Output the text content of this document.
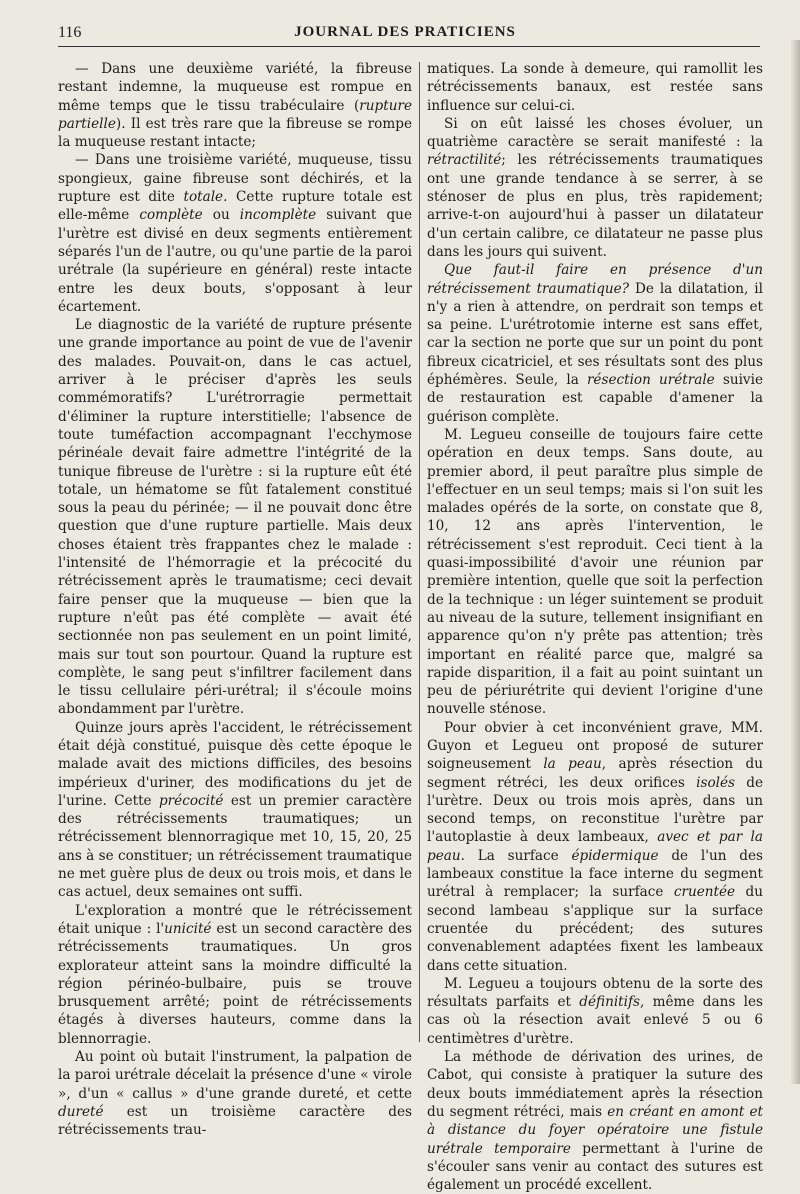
116	JOURNAL DES PRATICIENS

— Dans une deuxième variété, la fibreuse restant indemne, la muqueuse est rompue en même temps que le tissu trabéculaire (rupture partielle). Il est très rare que la fibreuse se rompe la muqueuse restant intacte;

— Dans une troisième variété, muqueuse, tissu spongieux, gaine fibreuse sont déchirés, et la rupture est dite totale. Cette rupture totale est elle-même complète ou incomplète suivant que l'urètre est divisé en deux segments entièrement séparés l'un de l'autre, ou qu'une partie de la paroi urétrale (la supérieure en général) reste intacte entre les deux bouts, s'opposant à leur écartement.

Le diagnostic de la variété de rupture présente une grande importance au point de vue de l'avenir des malades. Pouvait-on, dans le cas actuel, arriver à le préciser d'après les seuls commémoratifs? L'urétrorragie permettait d'éliminer la rupture interstitielle; l'absence de toute tuméfaction accompagnant l'ecchymose périnéale devait faire admettre l'intégrité de la tunique fibreuse de l'urètre : si la rupture eût été totale, un hématome se fût fatalement constitué sous la peau du périnée; — il ne pouvait donc être question que d'une rupture partielle. Mais deux choses étaient très frappantes chez le malade : l'intensité de l'hémorragie et la précocité du rétrécissement après le traumatisme; ceci devait faire penser que la muqueuse — bien que la rupture n'eût pas été complète — avait été sectionnée non pas seulement en un point limité, mais sur tout son pourtour. Quand la rupture est complète, le sang peut s'infiltrer facilement dans le tissu cellulaire péri-urétral; il s'écoule moins abondamment par l'urètre.

Quinze jours après l'accident, le rétrécissement était déjà constitué, puisque dès cette époque le malade avait des mictions difficiles, des besoins impérieux d'uriner, des modifications du jet de l'urine. Cette précocité est un premier caractère des rétrécissements traumatiques; un rétrécissement blennorragique met 10, 15, 20, 25 ans à se constituer; un rétrécissement traumatique ne met guère plus de deux ou trois mois, et dans le cas actuel, deux semaines ont suffi.

L'exploration a montré que le rétrécissement était unique : l'unicité est un second caractère des rétrécissements traumatiques. Un gros explorateur atteint sans la moindre difficulté la région périnéo-bulbaire, puis se trouve brusquement arrêté; point de rétrécissements étagés à diverses hauteurs, comme dans la blennorragie.

Au point où butait l'instrument, la palpation de la paroi urétrale décelait la présence d'une « virole », d'un « callus » d'une grande dureté, et cette dureté est un troisième caractère des rétrécissements trau-

matiques. La sonde à demeure, qui ramollit les rétrécissements banaux, est restée sans influence sur celui-ci.

Si on eût laissé les choses évoluer, un quatrième caractère se serait manifesté : la rétractilité; les rétrécissements traumatiques ont une grande tendance à se serrer, à se sténoser de plus en plus, très rapidement; arrive-t-on aujourd'hui à passer un dilatateur d'un certain calibre, ce dilatateur ne passe plus dans les jours qui suivent.

Que faut-il faire en présence d'un rétrécissement traumatique? De la dilatation, il n'y a rien à attendre, on perdrait son temps et sa peine. L'urétrotomie interne est sans effet, car la section ne porte que sur un point du pont fibreux cicatriciel, et ses résultats sont des plus éphémères. Seule, la résection urétrale suivie de restauration est capable d'amener la guérison complète.

M. Legueu conseille de toujours faire cette opération en deux temps. Sans doute, au premier abord, il peut paraître plus simple de l'effectuer en un seul temps; mais si l'on suit les malades opérés de la sorte, on constate que 8, 10, 12 ans après l'intervention, le rétrécissement s'est reproduit. Ceci tient à la quasi-impossibilité d'avoir une réunion par première intention, quelle que soit la perfection de la technique : un léger suintement se produit au niveau de la suture, tellement insignifiant en apparence qu'on n'y prête pas attention; très important en réalité parce que, malgré sa rapide disparition, il a fait au point suintant un peu de périurétrite qui devient l'origine d'une nouvelle sténose.

Pour obvier à cet inconvénient grave, MM. Guyon et Legueu ont proposé de suturer soigneusement la peau, après résection du segment rétréci, les deux orifices isolés de l'urètre. Deux ou trois mois après, dans un second temps, on reconstitue l'urètre par l'autoplastie à deux lambeaux, avec et par la peau. La surface épidermique de l'un des lambeaux constitue la face interne du segment urétral à remplacer; la surface cruentée du second lambeau s'applique sur la surface cruentée du précédent; des sutures convenablement adaptées fixent les lambeaux dans cette situation.

M. Legueu a toujours obtenu de la sorte des résultats parfaits et définitifs, même dans les cas où la résection avait enlevé 5 ou 6 centimètres d'urètre.

La méthode de dérivation des urines, de Cabot, qui consiste à pratiquer la suture des deux bouts immédiatement après la résection du segment rétréci, mais en créant en amont et à distance du foyer opératoire une fistule urétrale temporaire permettant à l'urine de s'écouler sans venir au contact des sutures est également un procédé excellent.
